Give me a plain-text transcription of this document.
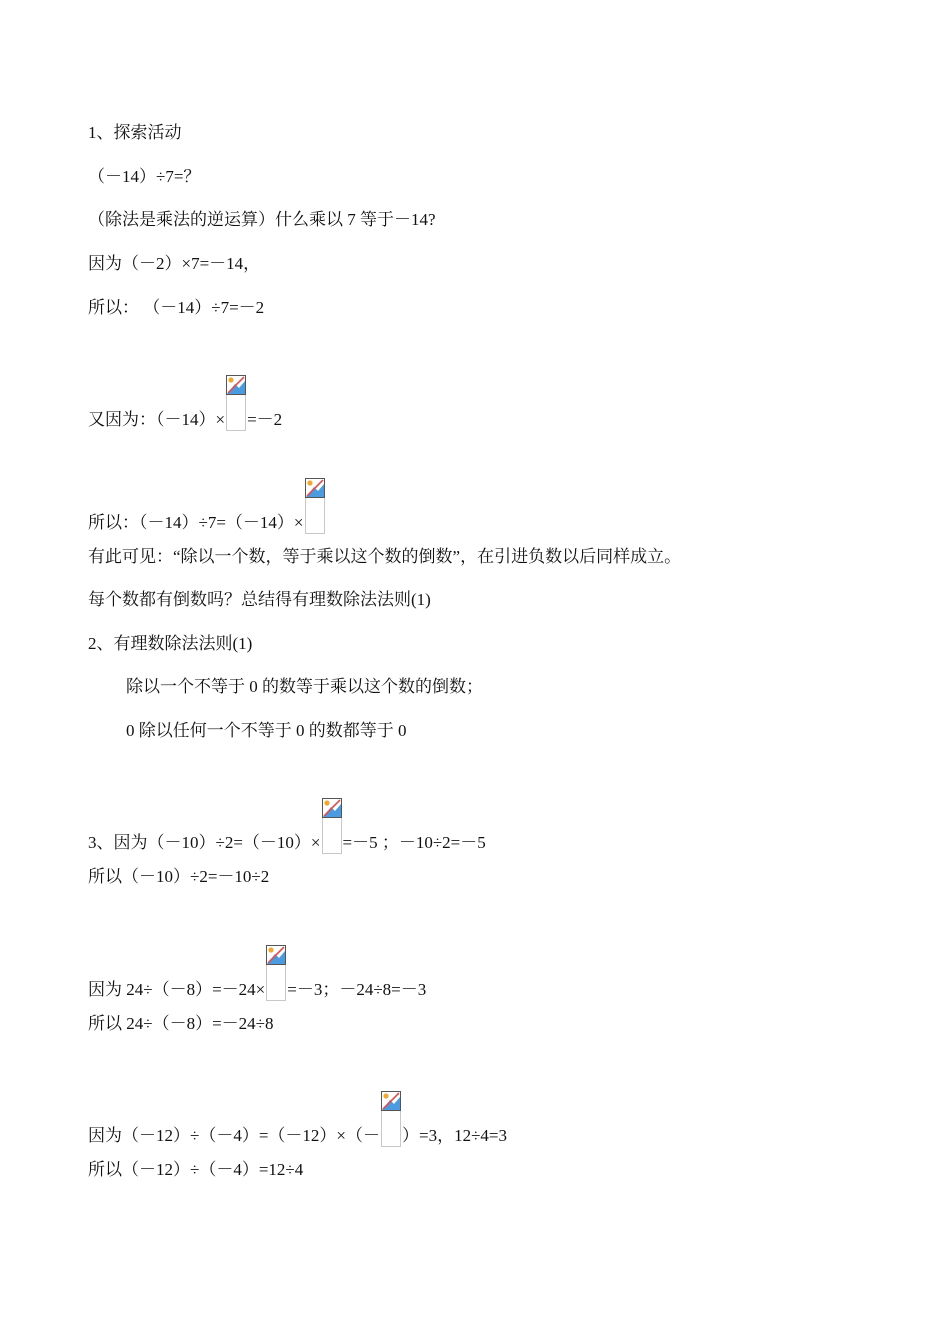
1、探索活动
（－14）÷7=？
（除法是乘法的逆运算）什么乘以 7 等于－14?
因为（－2）×7=－14，
所以： （－14）÷7=－2
又因为：（－14）× =－2
所以：（－14）÷7=（－14）×
有此可见：“除以一个数，等于乘以这个数的倒数”，在引进负数以后同样成立。
每个数都有倒数吗？总结得有理数除法法则(1)
2、有理数除法法则(1)
除以一个不等于 0 的数等于乘以这个数的倒数；
0 除以任何一个不等于 0 的数都等于 0
3、因为（－10）÷2=（－10）× =－5 ；－10÷2=－5
所以（－10）÷2=－10÷2
因为 24÷（－8）=－24× =－3；－24÷8=－3
所以 24÷（－8）=－24÷8
因为（－12）÷（－4）=（－12）×（－ ）=3，12÷4=3
所以（－12）÷（－4）=12÷4
